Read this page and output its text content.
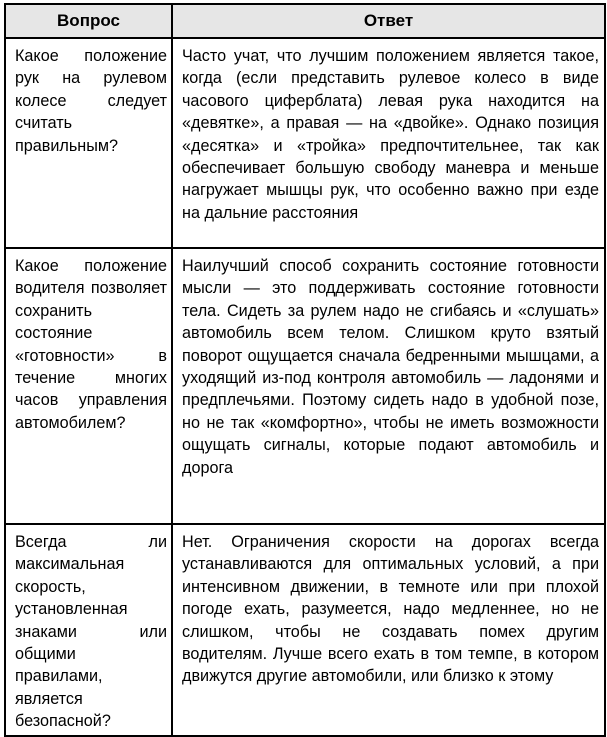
Вопрос	Ответ
Какое положение рук на рулевом колесе следует считать правильным?	Часто учат, что лучшим положением является такое, когда (если представить рулевое колесо в виде часового циферблата) левая рука находится на «девятке», а правая — на «двойке». Однако позиция «десятка» и «тройка» предпочтительнее, так как обеспечивает большую свободу маневра и меньше нагружает мышцы рук, что особенно важно при езде на дальние расстояния
Какое положение водителя позволяет сохранить состояние «готовности» в течение многих часов управления автомобилем?	Наилучший способ сохранить состояние готовности мысли — это поддерживать состояние готовности тела. Сидеть за рулем надо не сгибаясь и «слушать» автомобиль всем телом. Слишком круто взятый поворот ощущается сначала бедренными мышцами, а уходящий из-под контроля автомобиль — ладонями и предплечьями. Поэтому сидеть надо в удобной позе, но не так «комфортно», чтобы не иметь возможности ощущать сигналы, которые подают автомобиль и дорога
Всегда ли максимальная скорость, установленная знаками или общими правилами, является безопасной?	Нет. Ограничения скорости на дорогах всегда устанавливаются для оптимальных условий, а при интенсивном движении, в темноте или при плохой погоде ехать, разумеется, надо медленнее, но не слишком, чтобы не создавать помех другим водителям. Лучше всего ехать в том темпе, в котором движутся другие автомобили, или близко к этому
